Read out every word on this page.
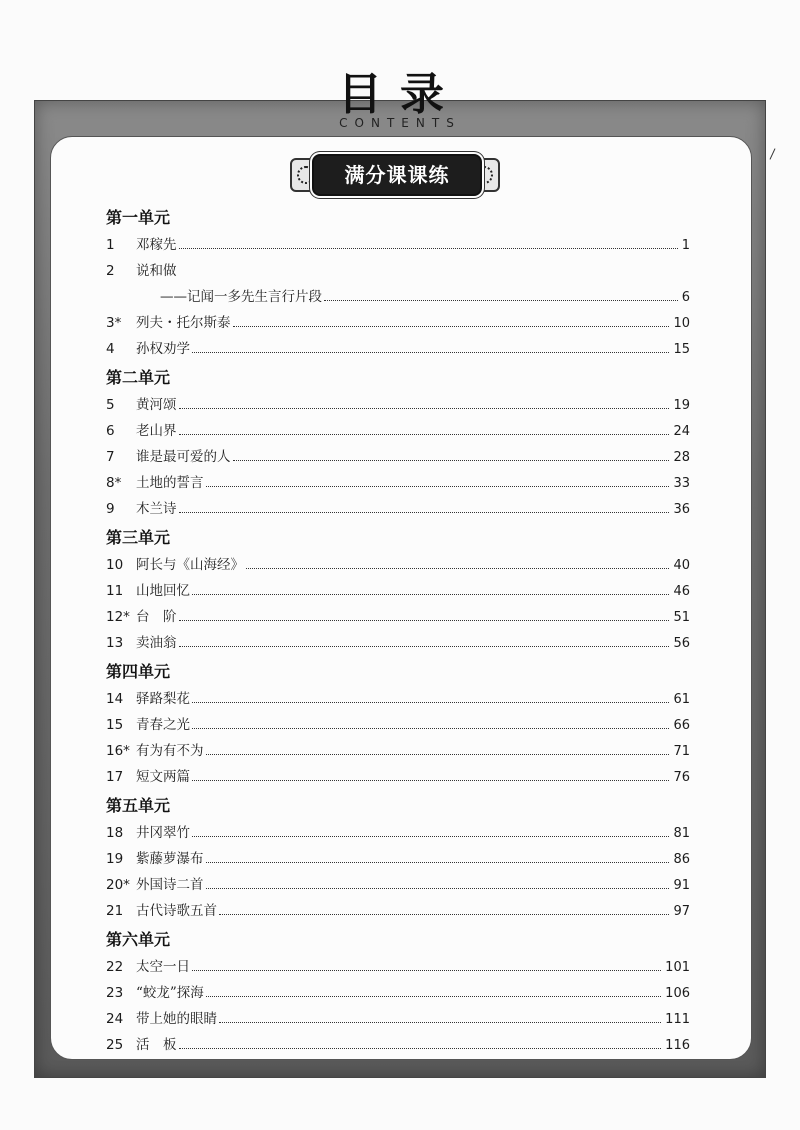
目录
CONTENTS
满分课课练
第一单元
1	邓稼先	1
2	说和做
——记闻一多先生言行片段	6
3*	列夫・托尔斯泰	10
4	孙权劝学	15
第二单元
5	黄河颂	19
6	老山界	24
7	谁是最可爱的人	28
8*	土地的誓言	33
9	木兰诗	36
第三单元
10 阿长与《山海经》	40
11 山地回忆	46
12* 台　阶	51
13 卖油翁	56
第四单元
14 驿路梨花	61
15 青春之光	66
16* 有为有不为	71
17 短文两篇	76
第五单元
18 井冈翠竹	81
19 紫藤萝瀑布	86
20* 外国诗二首	91
21 古代诗歌五首	97
第六单元
22 太空一日	101
23 “蛟龙”探海	106
24 带上她的眼睛	111
25 活　板	116
